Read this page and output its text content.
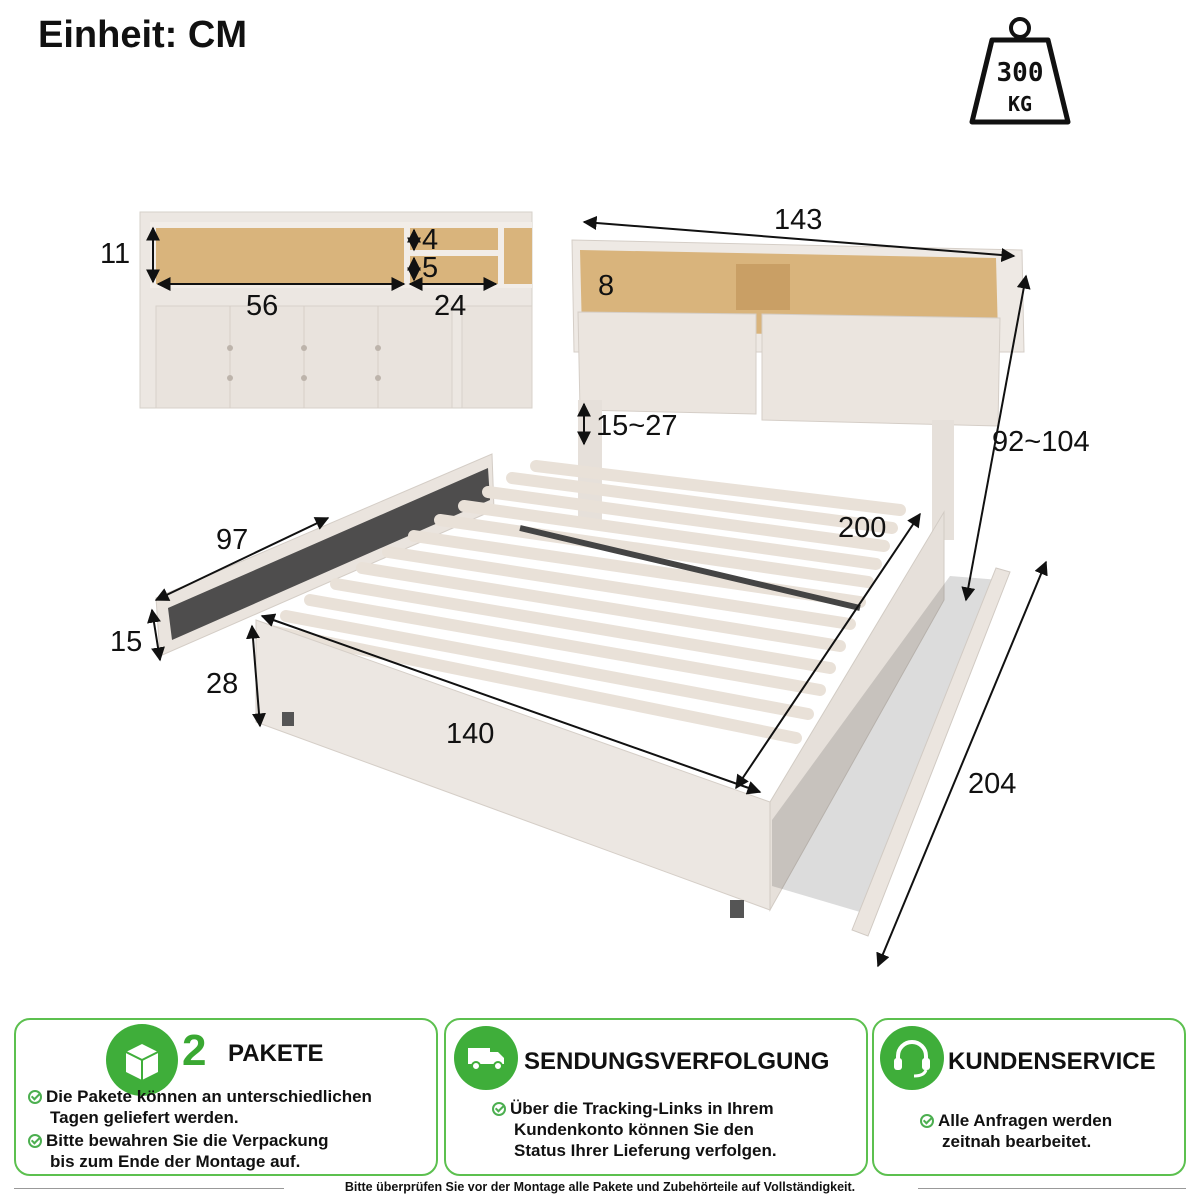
Einheit: CM
300
KG
11
56	24
4
5
8
143
15~27	92~104
200
97
15
28
140
204
2 PAKETE
Die Pakete können an unterschiedlichen
Tagen geliefert werden.
Bitte bewahren Sie die Verpackung
bis zum Ende der Montage auf.
SENDUNGSVERFOLGUNG
Über die Tracking-Links in Ihrem
Kundenkonto können Sie den
Status Ihrer Lieferung verfolgen.
KUNDENSERVICE
Alle Anfragen werden
zeitnah bearbeitet.
Bitte überprüfen Sie vor der Montage alle Pakete und Zubehörteile auf Vollständigkeit.
